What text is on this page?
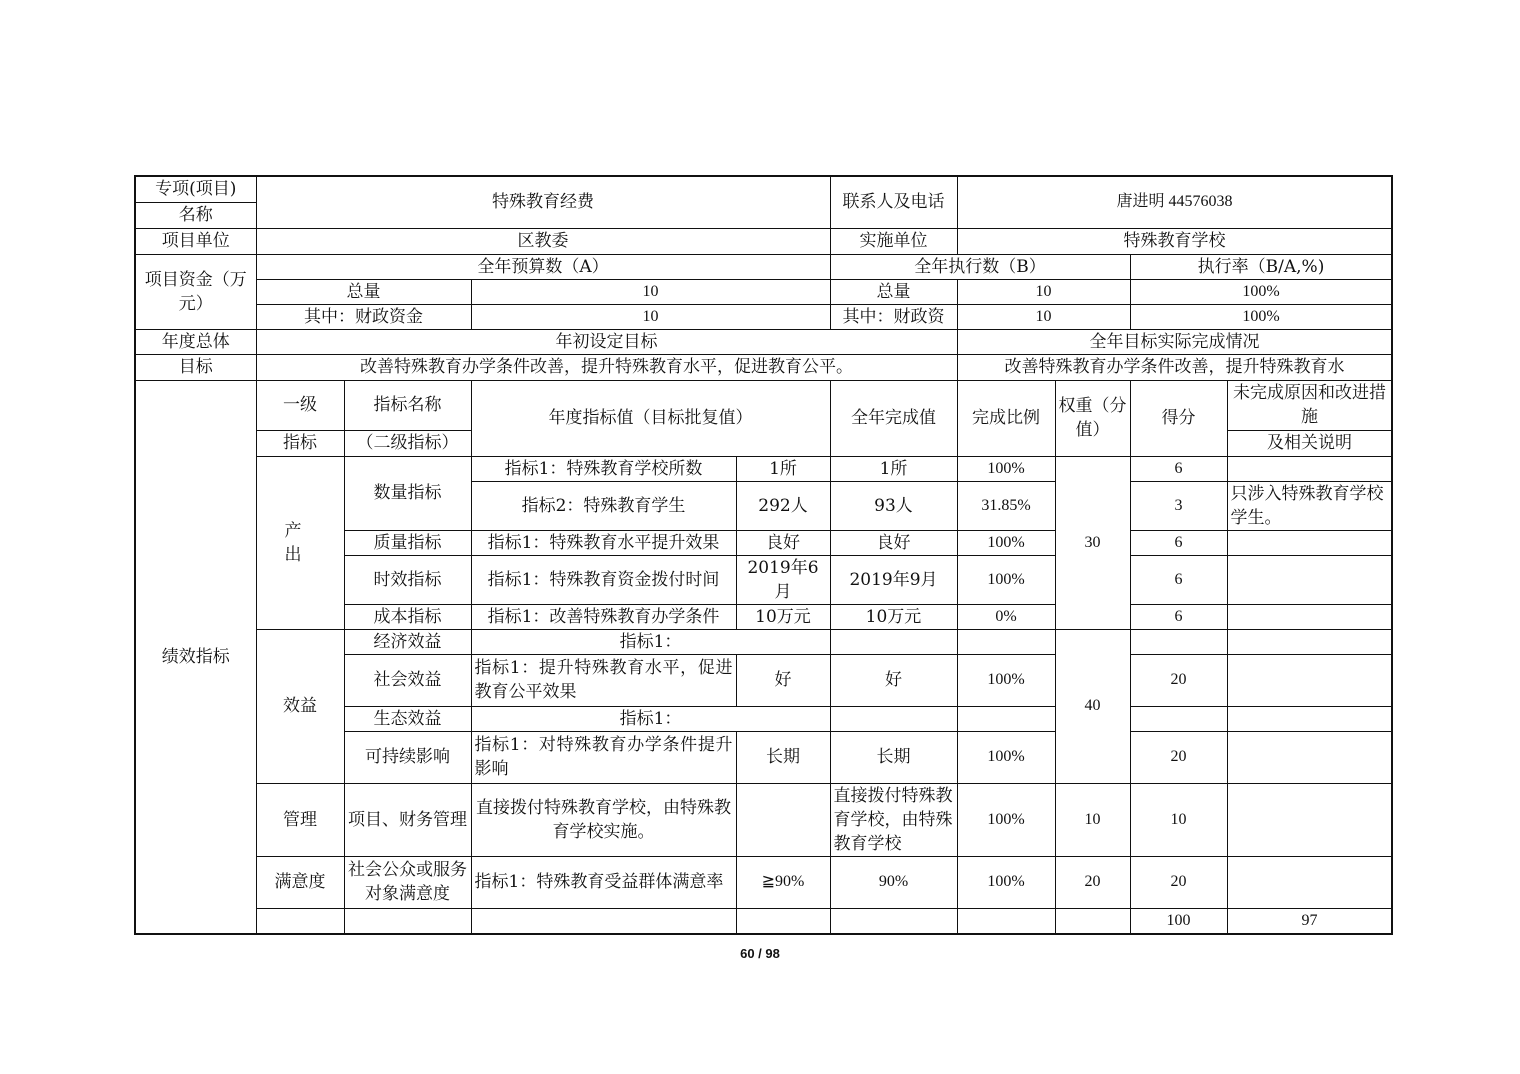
专项(项目)	特殊教育经费				联系人及电话	唐进明 44576038				
名称										
项目单位	区教委				实施单位	特殊教育学校				
项目资金（万元）	全年预算数（A）				全年执行数（B）			执行率（B/A,%)		
	总量		10		总量	10		100%		
	其中：财政资金		10		其中：财政资	10		100%		
年度总体	年初设定目标					全年目标实际完成情况				
目标	改善特殊教育办学条件改善，提升特殊教育水平，促进教育公平。					改善特殊教育办学条件改善，提升特殊教育水				
绩效指标	一级	指标名称	年度指标值（目标批复值）		全年完成值	完成比例	权重（分值）	得分	未完成原因和改进措施	
	指标	（二级指标）							及相关说明	
	产 出	数量指标	指标1：特殊教育学校所数	1所	1所	100%	30	6		
			指标2：特殊教育学生	292人	93人	31.85%		3	只涉入特殊教育学校学生。	
		质量指标	指标1：特殊教育水平提升效果	良好	良好	100%		6		
		时效指标	指标1：特殊教育资金拨付时间	2019年6月	2019年9月	100%		6		
		成本指标	指标1：改善特殊教育办学条件	10万元	10万元	0%		6		
	效益	经济效益	指标1：				40			
		社会效益	指标1：提升特殊教育水平，促进教育公平效果	好	好	100%		20		
		生态效益	指标1：							
		可持续影响	指标1：对特殊教育办学条件提升影响	长期	长期	100%		20		
	管理	项目、财务管理	直接拨付特殊教育学校，由特殊教育学校实施。		直接拨付特殊教育学校，由特殊教育学校	100%	10	10		
	满意度	社会公众或服务对象满意度	指标1：特殊教育受益群体满意率	≧90%	90%	100%	20	20		
								100	97	
60 / 98
